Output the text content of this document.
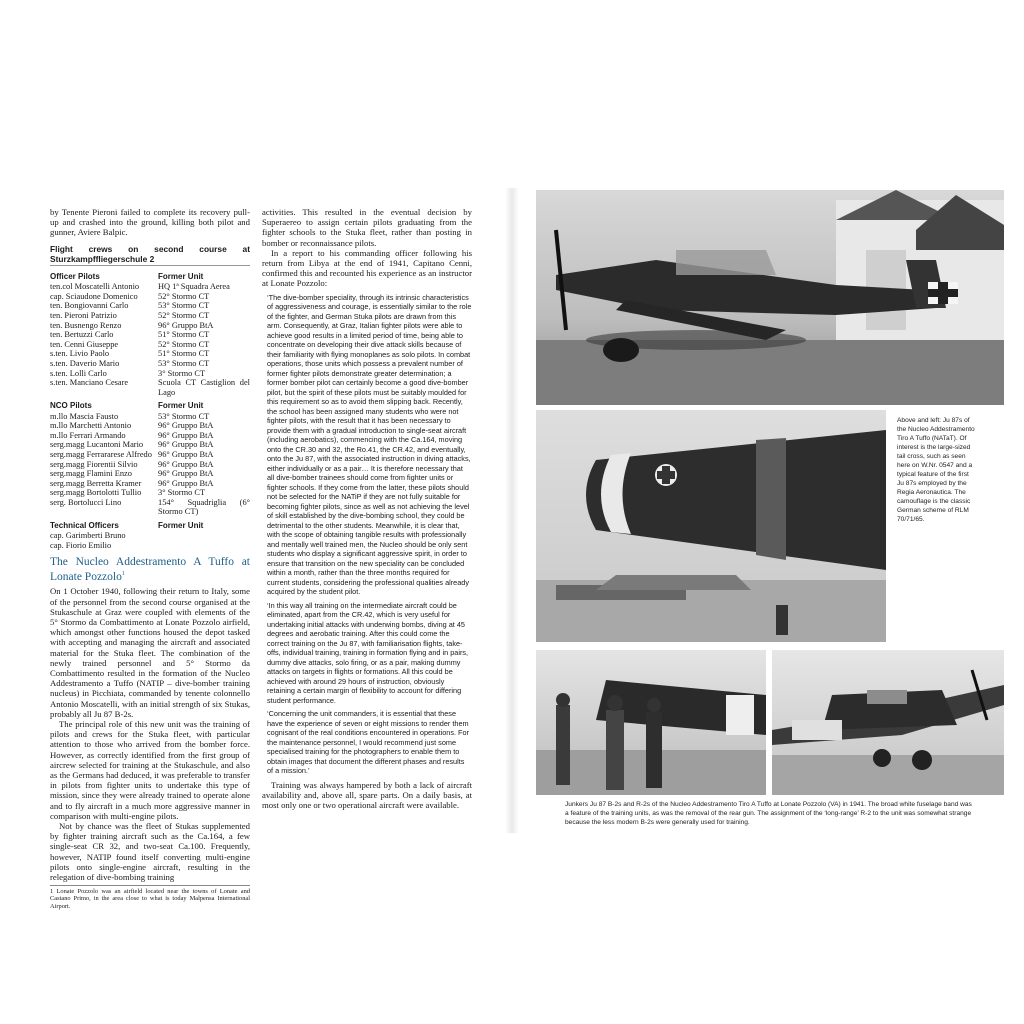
by Tenente Pieroni failed to complete its recovery pull-up and crashed into the ground, killing both pilot and gunner, Aviere Balpic.

Flight crews on second course at Sturzkampffliegerschule 2
Officer Pilots	Former Unit
ten.col Moscatelli Antonio	HQ 1ª Squadra Aerea
cap. Sciaudone Domenico	52° Stormo CT
ten. Bongiovanni Carlo	53° Stormo CT
ten. Pieroni Patrizio	52° Stormo CT
ten. Busnengo Renzo	96° Gruppo BtA
ten. Bertuzzi Carlo	51° Stormo CT
ten. Cenni Giuseppe	52° Stormo CT
s.ten. Livio Paolo	51° Stormo CT
s.ten. Daverio Mario	53° Stormo CT
s.ten. Lolli Carlo	3° Stormo CT
s.ten. Manciano Cesare	Scuola CT Castiglion del Lago
NCO Pilots	Former Unit
m.llo Mascia Fausto	53° Stormo CT
m.llo Marchetti Antonio	96° Gruppo BtA
m.llo Ferrari Armando	96° Gruppo BtA
serg.magg Lucantoni Mario	96° Gruppo BtA
serg.magg Ferrararese Alfredo	96° Gruppo BtA
serg.magg Fiorentii Silvio	96° Gruppo BtA
serg.magg Flamini Enzo	96° Gruppo BtA
serg.magg Berretta Kramer	96° Gruppo BtA
serg.magg Bortolotti Tullio	3° Stormo CT
serg. Bortolucci Lino	154° Squadriglia (6° Stormo CT)
Technical Officers	Former Unit
cap. Garimberti Bruno	
cap. Fiorio Emilio	
The Nucleo Addestramento A Tuffo at Lonate Pozzolo$^1$

On 1 October 1940, following their return to Italy, some of the personnel from the second course organised at the Stukaschule at Graz were coupled with elements of the 5° Stormo da Combattimento at Lonate Pozzolo airfield, which amongst other functions housed the depot tasked with accepting and managing the aircraft and associated material for the Stuka fleet. The combination of the newly trained personnel and 5° Stormo da Combattimento resulted in the formation of the Nucleo Addestramento a Tuffo (NATIP – dive-bomber training nucleus) in Picchiata, commanded by tenente colonnello Antonio Moscatelli, with an initial strength of six Stukas, probably all Ju 87 B-2s.

The principal role of this new unit was the training of pilots and crews for the Stuka fleet, with particular attention to those who arrived from the bomber force. However, as correctly identified from the first group of aircrew selected for training at the Stukaschule, and also as the Germans had deduced, it was preferable to transfer in pilots from fighter units to undertake this type of mission, since they were already trained to operate alone and to fly aircraft in a much more aggressive manner in comparison with multi-engine pilots.

Not by chance was the fleet of Stukas supplemented by fighter training aircraft such as the Ca.164, a few single-seat CR 32, and two-seat Ca.100. Frequently, however, NATIP found itself converting multi-engine pilots onto single-engine aircraft, resulting in the relegation of dive-bombing training

1 Lonate Pozzolo was an airfield located near the towns of Lonate and Castano Primo, in the area close to what is today Malpensa International Airport.

activities. This resulted in the eventual decision by Superaereo to assign certain pilots graduating from the fighter schools to the Stuka fleet, rather than posting in bomber or reconnaissance pilots.

In a report to his commanding officer following his return from Libya at the end of 1941, Capitano Cenni, confirmed this and recounted his experience as an instructor at Lonate Pozzolo:

‘The dive-bomber speciality, through its intrinsic characteristics of aggressiveness and courage, is essentially similar to the role of the fighter, and German Stuka pilots are drawn from this arm. Consequently, at Graz, Italian fighter pilots were able to achieve good results in a limited period of time, being able to concentrate on developing their dive attack skills because of their familiarity with flying monoplanes as solo pilots. In combat operations, those units which possess a prevalent number of former fighter pilots demonstrate greater determination; a former bomber pilot can certainly become a good dive-bomber pilot, but the spirit of these pilots must be suitably moulded for this requirement so as to avoid them slipping back. Recently, the school has been assigned many students who were not fighter pilots, with the result that it has been necessary to provide them with a gradual introduction to single-seat aircraft (including aerobatics), commencing with the Ca.164, moving onto the CR.30 and 32, the Ro.41, the CR.42, and eventually, onto the Ju 87, with the associated instruction in diving attacks, either individually or as a pair… It is therefore necessary that all dive-bomber trainees should come from fighter units or fighter schools. If they come from the latter, these pilots should not be selected for the NATiP if they are not fully suitable for becoming fighter pilots, since as well as not achieving the level of skill established by the dive-bombing school, they could be detrimental to the other students. Meanwhile, it is clear that, with the scope of obtaining tangible results with professionally and mentally well trained men, the Nucleo should be only sent students who display a significant aggressive spirit, in order to ensure that transition on the new speciality can be concluded within a month, rather than the three months required for current students, considering the professional qualities already acquired by the student pilot.

‘In this way all training on the intermediate aircraft could be eliminated, apart from the CR.42, which is very useful for undertaking initial attacks with underwing bombs, diving at 45 degrees and aerobatic training. After this could come the correct training on the Ju 87, with familiarisation flights, take-offs, individual training, training in formation flying and in pairs, dummy dive attacks, solo firing, or as a pair, making dummy attacks on targets in flights or formations. All this could be achieved with around 29 hours of instruction, obviously retaining a certain margin of flexibility to account for differing student performance.

‘Concerning the unit commanders, it is essential that these have the experience of seven or eight missions to render them cognisant of the real conditions encountered in operations. For the maintenance personnel, I would recommend just some specialised training for the photographers to enable them to obtain images that document the different phases and results of a mission.’

Training was always hampered by both a lack of aircraft availability and, above all, spare parts. On a daily basis, at most only one or two operational aircraft were available.

Above and left: Ju 87s of the Nucleo Addestramento Tiro A Tuffo (NATaT). Of interest is the large-sized tail cross, such as seen here on W.Nr. 0547 and a typical feature of the first Ju 87s employed by the Regia Aeronautica. The camouflage is the classic German scheme of RLM 70/71/65.
Junkers Ju 87 B-2s and R-2s of the Nucleo Addestramento Tiro A Tuffo at Lonate Pozzolo (VA) in 1941. The broad white fuselage band was a feature of the training units, as was the removal of the rear gun. The assignment of the ‘long-range’ R-2 to the unit was somewhat strange because the less modern B-2s were generally used for training.
